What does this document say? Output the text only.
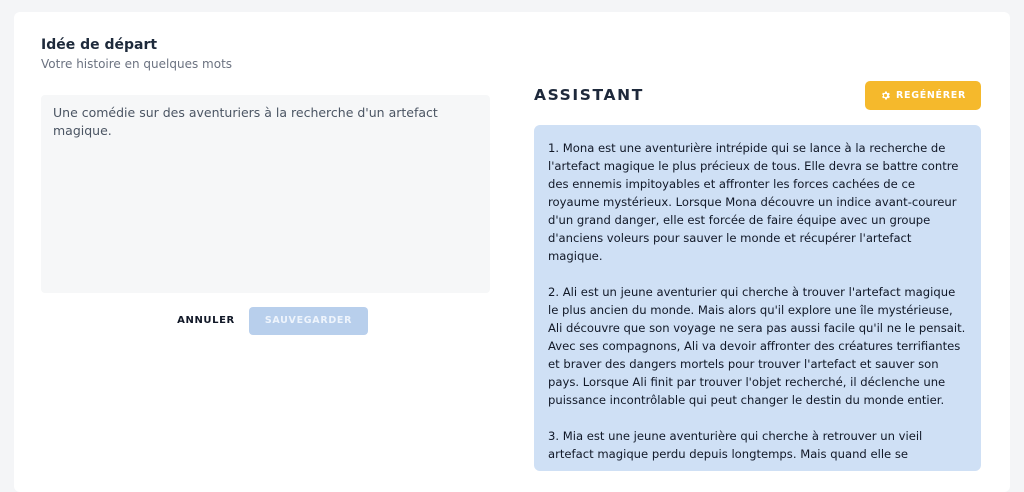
Idée de départ
Votre histoire en quelques mots
Une comédie sur des aventuriers à la recherche d'un artefact magique.
ANNULER	SAUVEGARDER
ASSISTANT	REGÉNÉRER

1. Mona est une aventurière intrépide qui se lance à la recherche de l'artefact magique le plus précieux de tous. Elle devra se battre contre des ennemis impitoyables et affronter les forces cachées de ce royaume mystérieux. Lorsque Mona découvre un indice avant-coureur d'un grand danger, elle est forcée de faire équipe avec un groupe d'anciens voleurs pour sauver le monde et récupérer l'artefact magique.

2. Ali est un jeune aventurier qui cherche à trouver l'artefact magique le plus ancien du monde. Mais alors qu'il explore une île mystérieuse, Ali découvre que son voyage ne sera pas aussi facile qu'il ne le pensait. Avec ses compagnons, Ali va devoir affronter des créatures terrifiantes et braver des dangers mortels pour trouver l'artefact et sauver son pays. Lorsque Ali finit par trouver l'objet recherché, il déclenche une puissance incontrôlable qui peut changer le destin du monde entier.

3. Mia est une jeune aventurière qui cherche à retrouver un vieil artefact magique perdu depuis longtemps. Mais quand elle se
